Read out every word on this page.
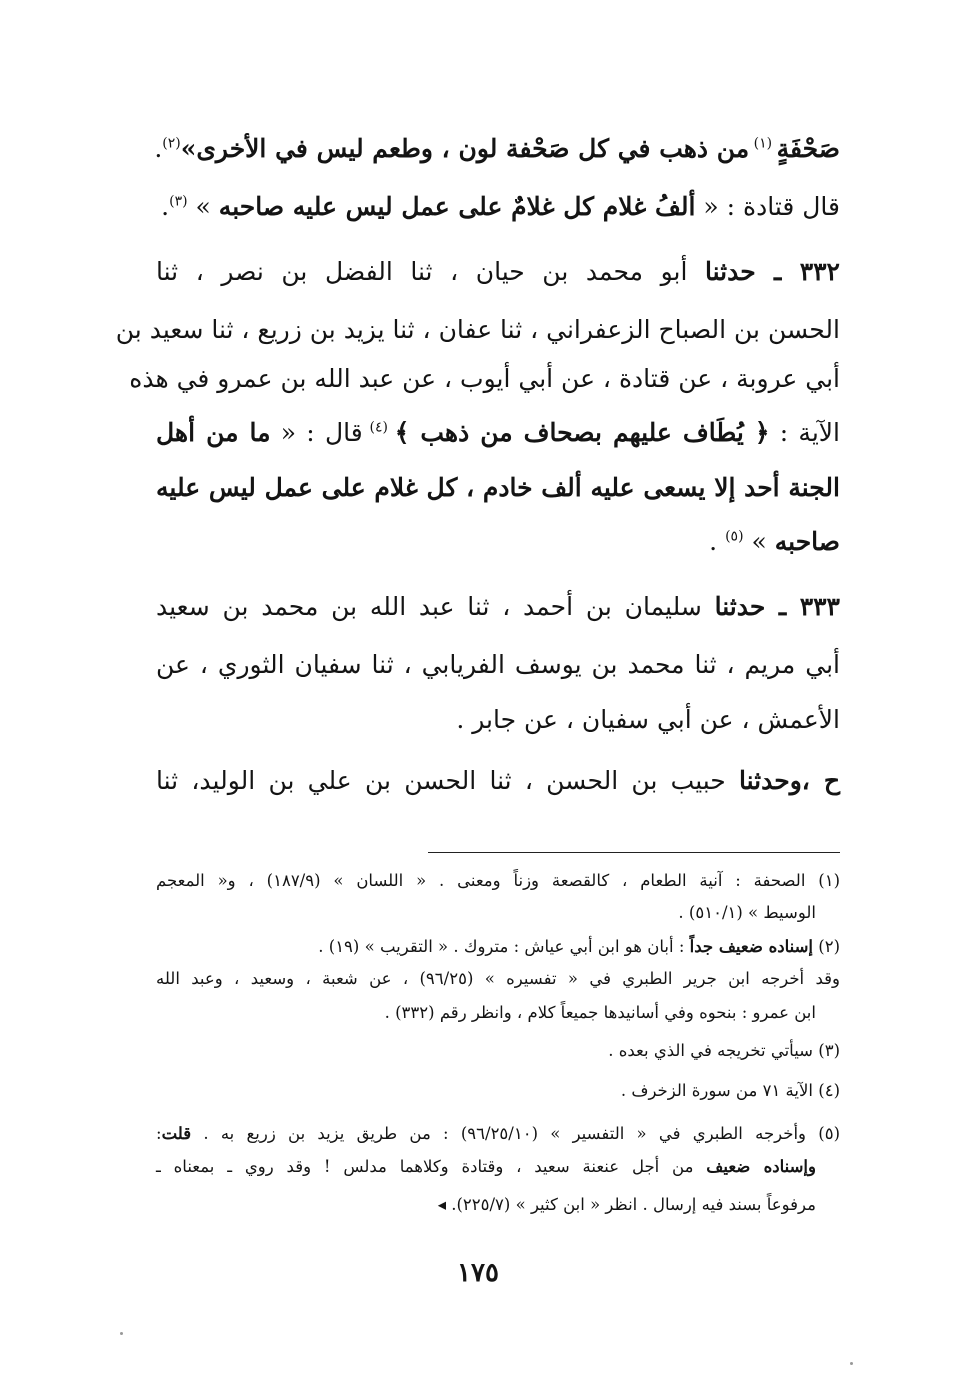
صَحْفَةٍ $^{(١)}$ من ذهب في كل صَحْفة لون ، وطعم ليس في الأخرى»$^{(٢)}$.
قال قتادة : « ألفُ غلام كل غلامٌ على عمل ليس عليه صاحبه » $^{(٣)}$.
٣٣٢ ـ حدثنا أبو محمد بن حيان ، ثنا الفضل بن نصر ، ثنا
الحسن بن الصباح الزعفراني ، ثنا عفان ، ثنا يزيد بن زريع ، ثنا سعيد بن
أبي عروبة ، عن قتادة ، عن أبي أيوب ، عن عبد الله بن عمرو في هذه
الآية : ﴿ يُطَاف عليهم بصحاف من ذهب ﴾ $^{(٤)}$ قال : « ما من أهل
الجنة أحد إلا يسعى عليه ألف خادم ، كل غلام على عمل ليس عليه
صاحبه » $^{(٥)}$ .
٣٣٣ ـ حدثنا سليمان بن أحمد ، ثنا عبد الله بن محمد بن سعيد
أبي مريم ، ثنا محمد بن يوسف الفريابي ، ثنا سفيان الثوري ، عن
الأعمش ، عن أبي سفيان ، عن جابر .
ح ،وحدثنا حبيب بن الحسن ، ثنا الحسن بن علي بن الوليد، ثنا
(١) الصحفة : آنية الطعام ، كالقصعة وزناً ومعنى . « اللسان » (١٨٧/٩) ، و« المعجم
الوسيط » (٥١٠/١) .
(٢) إسناده ضعيف جداً : أبان هو ابن أبي عياش : متروك . « التقريب » (١٩) .
وقد أخرجه ابن جرير الطبري في « تفسيره » (٩٦/٢٥) ، عن شعبة ، وسعيد ، وعبد الله
ابن عمرو : بنحوه وفي أسانيدها جميعاً كلام ، وانظر رقم (٣٣٢) .
(٣) سيأتي تخريجه في الذي بعده .
(٤) الآية ٧١ من سورة الزخرف .
(٥) وأخرجه الطبري في « التفسير » (٩٦/٢٥/١٠) : من طريق يزيد بن زريع به . قلت:
وإسناده ضعيف من أجل عنعنة سعيد ، وقتادة وكلاهما مدلس ! وقد روي ـ بمعناه ـ
مرفوعاً بسند فيه إرسال . انظر « ابن كثير » (٢٢٥/٧). ◂
١٧٥
